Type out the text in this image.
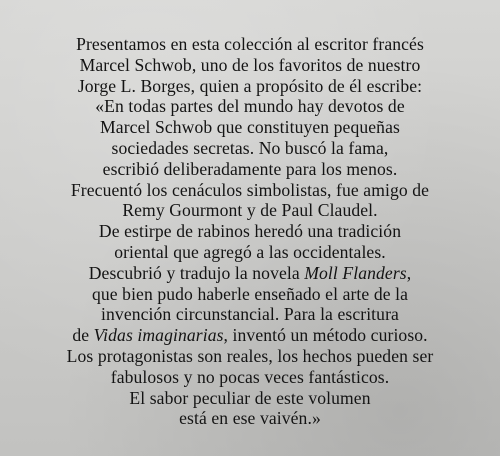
Presentamos en esta colección al escritor francés
Marcel Schwob, uno de los favoritos de nuestro
Jorge L. Borges, quien a propósito de él escribe:
«En todas partes del mundo hay devotos de
Marcel Schwob que constituyen pequeñas
sociedades secretas. No buscó la fama,
escribió deliberadamente para los menos.
Frecuentó los cenáculos simbolistas, fue amigo de
Remy Gourmont y de Paul Claudel.
De estirpe de rabinos heredó una tradición
oriental que agregó a las occidentales.
Descubrió y tradujo la novela Moll Flanders,
que bien pudo haberle enseñado el arte de la
invención circunstancial. Para la escritura
de Vidas imaginarias, inventó un método curioso.
Los protagonistas son reales, los hechos pueden ser
fabulosos y no pocas veces fantásticos.
El sabor peculiar de este volumen
está en ese vaivén.»
